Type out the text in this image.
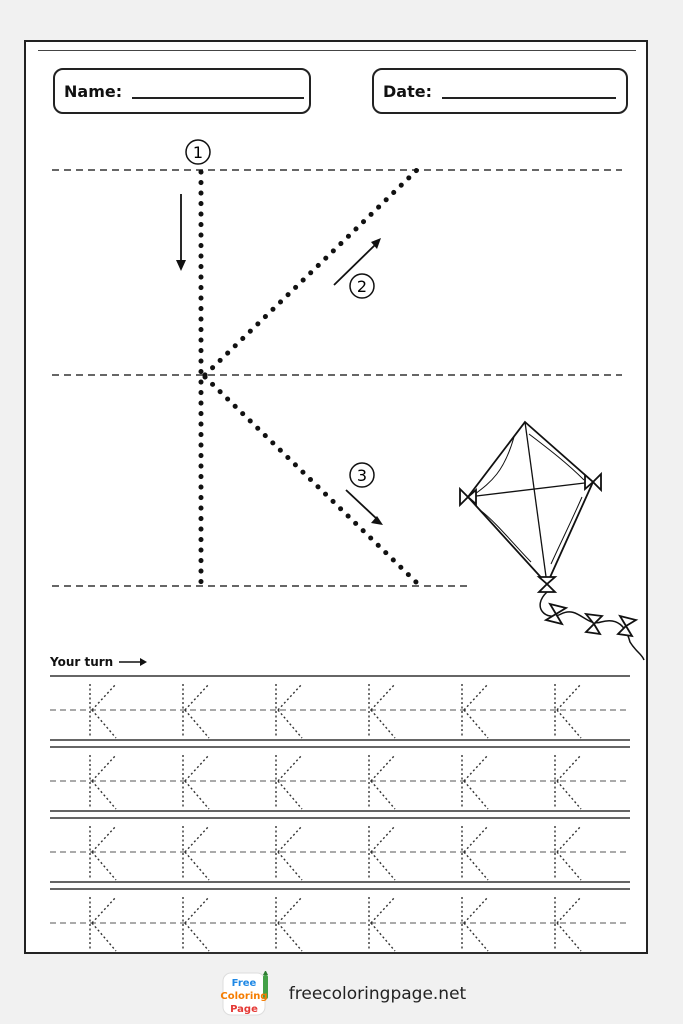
Name:	Date:
1
2
3
Your turn
Free
Coloring
Page
freecoloringpage.net
